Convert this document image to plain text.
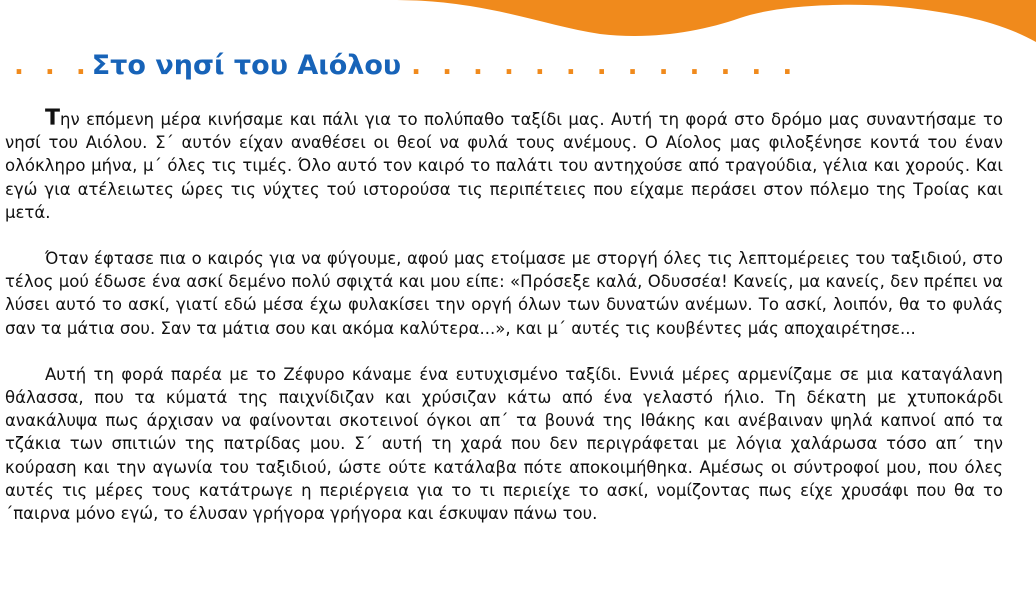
. . . Στο νησί του Αιόλου . . . . . . . . . . . . .

Την επόμενη μέρα κινήσαμε και πάλι για το πολύπαθο ταξίδι μας. Αυτή τη φορά στο δρόμο μας συναντήσαμε το νησί του Αιόλου. Σ΄ αυτόν είχαν αναθέσει οι θεοί να φυλά τους ανέμους. Ο Αίολος μας φιλοξένησε κοντά του έναν ολόκληρο μήνα, μ΄ όλες τις τιμές. Όλο αυτό τον καιρό το παλάτι του αντηχούσε από τραγούδια, γέλια και χορούς. Και εγώ για ατέλειωτες ώρες τις νύχτες τού ιστορούσα τις περιπέτειες που είχαμε περάσει στον πόλεμο της Τροίας και μετά.

Όταν έφτασε πια ο καιρός για να φύγουμε, αφού μας ετοίμασε με στοργή όλες τις λεπτομέρειες του ταξιδιού, στο τέλος μού έδωσε ένα ασκί δεμένο πολύ σφιχτά και μου είπε: «Πρόσεξε καλά, Οδυσσέα! Κανείς, μα κανείς, δεν πρέπει να λύσει αυτό το ασκί, γιατί εδώ μέσα έχω φυλακίσει την οργή όλων των δυνατών ανέμων. Το ασκί, λοιπόν, θα το φυλάς σαν τα μάτια σου. Σαν τα μάτια σου και ακόμα καλύτερα...», και μ΄ αυτές τις κουβέντες μάς αποχαιρέτησε...

Αυτή τη φορά παρέα με το Ζέφυρο κάναμε ένα ευτυχισμένο ταξίδι. Εννιά μέρες αρμενίζαμε σε μια καταγάλανη θάλασσα, που τα κύματά της παιχνίδιζαν και χρύσιζαν κάτω από ένα γελαστό ήλιο. Τη δέκατη με χτυποκάρδι ανακάλυψα πως άρχισαν να φαίνονται σκοτεινοί όγκοι απ΄ τα βουνά της Ιθάκης και ανέβαιναν ψηλά καπνοί από τα τζάκια των σπιτιών της πατρίδας μου. Σ΄ αυτή τη χαρά που δεν περιγράφεται με λόγια χαλάρωσα τόσο απ΄ την κούραση και την αγωνία του ταξιδιού, ώστε ούτε κατάλαβα πότε αποκοιμήθηκα. Αμέσως οι σύντροφοί μου, που όλες αυτές τις μέρες τους κατάτρωγε η περιέργεια για το τι περιείχε το ασκί, νομίζοντας πως είχε χρυσάφι που θα το ΄παιρνα μόνο εγώ, το έλυσαν γρήγορα γρήγορα και έσκυψαν πάνω του.
